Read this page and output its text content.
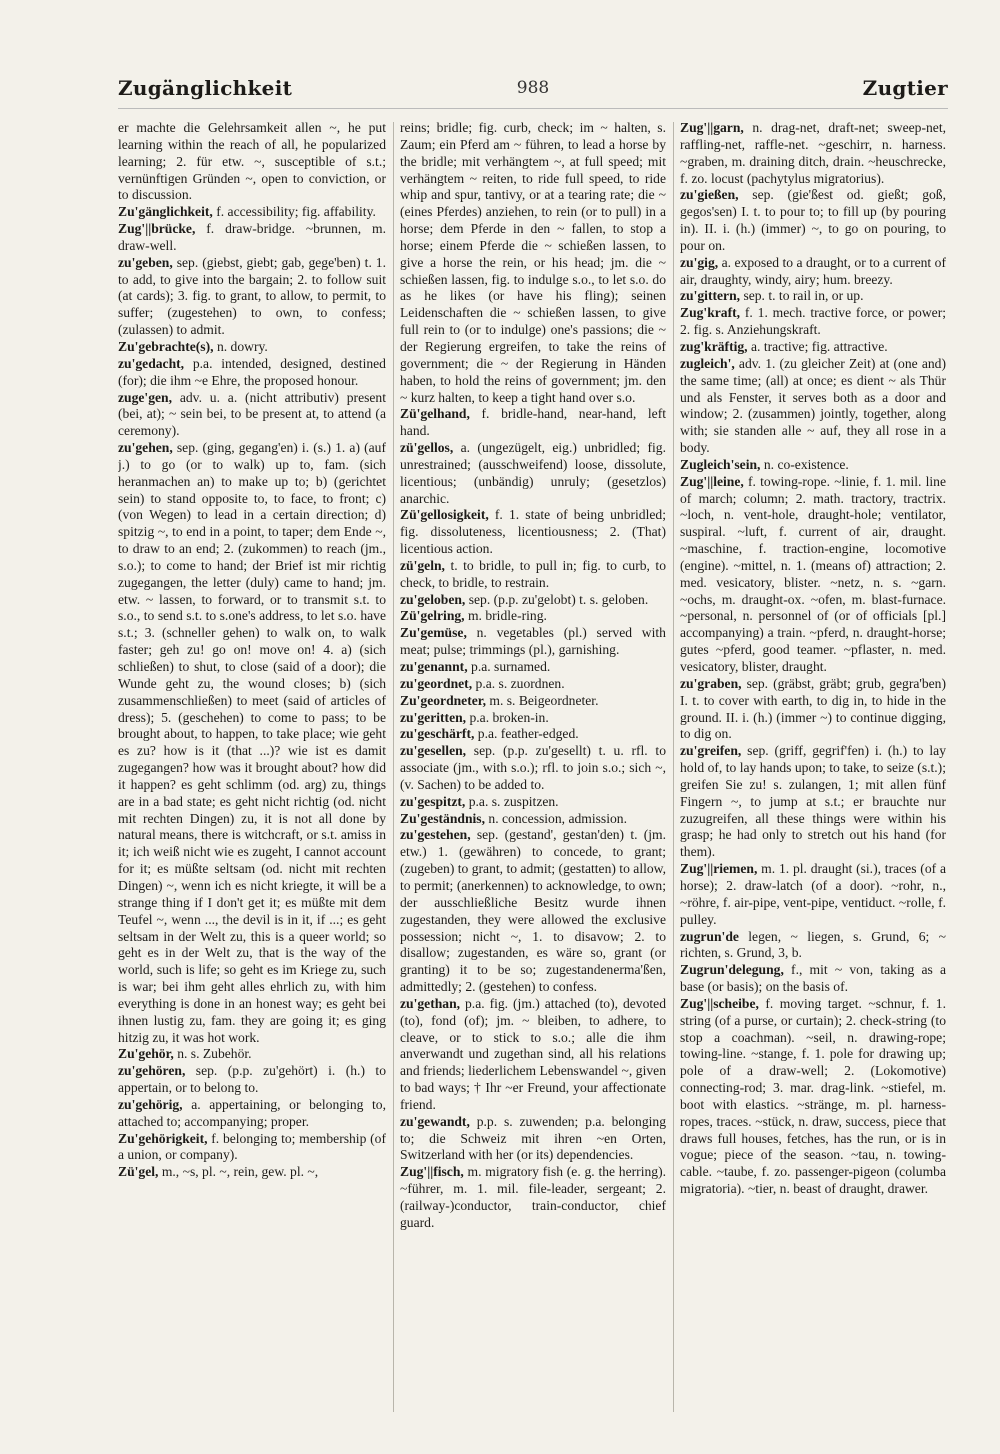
Zugänglichkeit	988	Zugtier

er machte die Gelehrsamkeit allen ~, he put learning within the reach of all, he popularized learning; 2. für etw. ~, susceptible of s.t.; vernünftigen Gründen ~, open to conviction, or to discussion.

Zu'gänglichkeit, f. accessibility; fig. affability.

Zug'||brücke, f. draw-bridge. ~brunnen, m. draw-well.

zu'geben, sep. (giebst, giebt; gab, gege'ben) t. 1. to add, to give into the bargain; 2. to follow suit (at cards); 3. fig. to grant, to allow, to permit, to suffer; (zugestehen) to own, to confess; (zulassen) to admit.

Zu'gebrachte(s), n. dowry.

zu'gedacht, p.a. intended, designed, destined (for); die ihm ~e Ehre, the proposed honour.

zuge'gen, adv. u. a. (nicht attributiv) present (bei, at); ~ sein bei, to be present at, to attend (a ceremony).

zu'gehen, sep. (ging, gegang'en) i. (s.) 1. a) (auf j.) to go (or to walk) up to, fam. (sich heranmachen an) to make up to; b) (gerichtet sein) to stand opposite to, to face, to front; c) (von Wegen) to lead in a certain direction; d) spitzig ~, to end in a point, to taper; dem Ende ~, to draw to an end; 2. (zukommen) to reach (jm., s.o.); to come to hand; der Brief ist mir richtig zugegangen, the letter (duly) came to hand; jm. etw. ~ lassen, to forward, or to transmit s.t. to s.o., to send s.t. to s.one's address, to let s.o. have s.t.; 3. (schneller gehen) to walk on, to walk faster; geh zu! go on! move on! 4. a) (sich schließen) to shut, to close (said of a door); die Wunde geht zu, the wound closes; b) (sich zusammenschließen) to meet (said of articles of dress); 5. (geschehen) to come to pass; to be brought about, to happen, to take place; wie geht es zu? how is it (that ...)? wie ist es damit zugegangen? how was it brought about? how did it happen? es geht schlimm (od. arg) zu, things are in a bad state; es geht nicht richtig (od. nicht mit rechten Dingen) zu, it is not all done by natural means, there is witchcraft, or s.t. amiss in it; ich weiß nicht wie es zugeht, I cannot account for it; es müßte seltsam (od. nicht mit rechten Dingen) ~, wenn ich es nicht kriegte, it will be a strange thing if I don't get it; es müßte mit dem Teufel ~, wenn ..., the devil is in it, if ...; es geht seltsam in der Welt zu, this is a queer world; so geht es in der Welt zu, that is the way of the world, such is life; so geht es im Kriege zu, such is war; bei ihm geht alles ehrlich zu, with him everything is done in an honest way; es geht bei ihnen lustig zu, fam. they are going it; es ging hitzig zu, it was hot work.

Zu'gehör, n. s. Zubehör.

zu'gehören, sep. (p.p. zu'gehört) i. (h.) to appertain, or to belong to.

zu'gehörig, a. appertaining, or belonging to, attached to; accompanying; proper.

Zu'gehörigkeit, f. belonging to; membership (of a union, or company).

Zü'gel, m., ~s, pl. ~, rein, gew. pl. ~,

reins; bridle; fig. curb, check; im ~ halten, s. Zaum; ein Pferd am ~ führen, to lead a horse by the bridle; mit verhängtem ~, at full speed; mit verhängtem ~ reiten, to ride full speed, to ride whip and spur, tantivy, or at a tearing rate; die ~ (eines Pferdes) anziehen, to rein (or to pull) in a horse; dem Pferde in den ~ fallen, to stop a horse; einem Pferde die ~ schießen lassen, to give a horse the rein, or his head; jm. die ~ schießen lassen, fig. to indulge s.o., to let s.o. do as he likes (or have his fling); seinen Leidenschaften die ~ schießen lassen, to give full rein to (or to indulge) one's passions; die ~ der Regierung ergreifen, to take the reins of government; die ~ der Regierung in Händen haben, to hold the reins of government; jm. den ~ kurz halten, to keep a tight hand over s.o.

Zü'gelhand, f. bridle-hand, near-hand, left hand.

zü'gellos, a. (ungezügelt, eig.) unbridled; fig. unrestrained; (ausschweifend) loose, dissolute, licentious; (unbändig) unruly; (gesetzlos) anarchic.

Zü'gellosigkeit, f. 1. state of being unbridled; fig. dissoluteness, licentiousness; 2. (That) licentious action.

zü'geln, t. to bridle, to pull in; fig. to curb, to check, to bridle, to restrain.

zu'geloben, sep. (p.p. zu'gelobt) t. s. geloben.

Zü'gelring, m. bridle-ring.

Zu'gemüse, n. vegetables (pl.) served with meat; pulse; trimmings (pl.), garnishing.

zu'genannt, p.a. surnamed.

zu'geordnet, p.a. s. zuordnen.

Zu'geordneter, m. s. Beigeordneter.

zu'geritten, p.a. broken-in.

zu'geschärft, p.a. feather-edged.

zu'gesellen, sep. (p.p. zu'gesellt) t. u. rfl. to associate (jm., with s.o.); rfl. to join s.o.; sich ~, (v. Sachen) to be added to.

zu'gespitzt, p.a. s. zuspitzen.

Zu'geständnis, n. concession, admission.

zu'gestehen, sep. (gestand', gestan'den) t. (jm. etw.) 1. (gewähren) to concede, to grant; (zugeben) to grant, to admit; (gestatten) to allow, to permit; (anerkennen) to acknowledge, to own; der ausschließliche Besitz wurde ihnen zugestanden, they were allowed the exclusive possession; nicht ~, 1. to disavow; 2. to disallow; zugestanden, es wäre so, grant (or granting) it to be so; zugestandenerma'ßen, admittedly; 2. (gestehen) to confess.

zu'gethan, p.a. fig. (jm.) attached (to), devoted (to), fond (of); jm. ~ bleiben, to adhere, to cleave, or to stick to s.o.; alle die ihm anverwandt und zugethan sind, all his relations and friends; liederlichem Lebenswandel ~, given to bad ways; † Ihr ~er Freund, your affectionate friend.

zu'gewandt, p.p. s. zuwenden; p.a. belonging to; die Schweiz mit ihren ~en Orten, Switzerland with her (or its) dependencies.

Zug'||fisch, m. migratory fish (e. g. the herring). ~führer, m. 1. mil. file-leader, sergeant; 2. (railway-)conductor, train-conductor, chief guard.

Zug'||garn, n. drag-net, draft-net; sweep-net, raffling-net, raffle-net. ~geschirr, n. harness. ~graben, m. draining ditch, drain. ~heuschrecke, f. zo. locust (pachytylus migratorius).

zu'gießen, sep. (gie'ßest od. gießt; goß, gegos'sen) I. t. to pour to; to fill up (by pouring in). II. i. (h.) (immer) ~, to go on pouring, to pour on.

zu'gig, a. exposed to a draught, or to a current of air, draughty, windy, airy; hum. breezy.

zu'gittern, sep. t. to rail in, or up.

Zug'kraft, f. 1. mech. tractive force, or power; 2. fig. s. Anziehungskraft.

zug'kräftig, a. tractive; fig. attractive.

zugleich', adv. 1. (zu gleicher Zeit) at (one and) the same time; (all) at once; es dient ~ als Thür und als Fenster, it serves both as a door and window; 2. (zusammen) jointly, together, along with; sie standen alle ~ auf, they all rose in a body.

Zugleich'sein, n. co-existence.

Zug'||leine, f. towing-rope. ~linie, f. 1. mil. line of march; column; 2. math. tractory, tractrix. ~loch, n. vent-hole, draught-hole; ventilator, suspiral. ~luft, f. current of air, draught. ~maschine, f. traction-engine, locomotive (engine). ~mittel, n. 1. (means of) attraction; 2. med. vesicatory, blister. ~netz, n. s. ~garn. ~ochs, m. draught-ox. ~ofen, m. blast-furnace. ~personal, n. personnel of (or of officials [pl.] accompanying) a train. ~pferd, n. draught-horse; gutes ~pferd, good teamer. ~pflaster, n. med. vesicatory, blister, draught.

zu'graben, sep. (gräbst, gräbt; grub, gegra'ben) I. t. to cover with earth, to dig in, to hide in the ground. II. i. (h.) (immer ~) to continue digging, to dig on.

zu'greifen, sep. (griff, gegrif'fen) i. (h.) to lay hold of, to lay hands upon; to take, to seize (s.t.); greifen Sie zu! s. zulangen, 1; mit allen fünf Fingern ~, to jump at s.t.; er brauchte nur zuzugreifen, all these things were within his grasp; he had only to stretch out his hand (for them).

Zug'||riemen, m. 1. pl. draught (si.), traces (of a horse); 2. draw-latch (of a door). ~rohr, n., ~röhre, f. air-pipe, vent-pipe, ventiduct. ~rolle, f. pulley.

zugrun'de legen, ~ liegen, s. Grund, 6; ~ richten, s. Grund, 3, b.

Zugrun'delegung, f., mit ~ von, taking as a base (or basis); on the basis of.

Zug'||scheibe, f. moving target. ~schnur, f. 1. string (of a purse, or curtain); 2. check-string (to stop a coachman). ~seil, n. drawing-rope; towing-line. ~stange, f. 1. pole for drawing up; pole of a draw-well; 2. (Lokomotive) connecting-rod; 3. mar. drag-link. ~stiefel, m. boot with elastics. ~stränge, m. pl. harness-ropes, traces. ~stück, n. draw, success, piece that draws full houses, fetches, has the run, or is in vogue; piece of the season. ~tau, n. towing-cable. ~taube, f. zo. passenger-pigeon (columba migratoria). ~tier, n. beast of draught, drawer.
